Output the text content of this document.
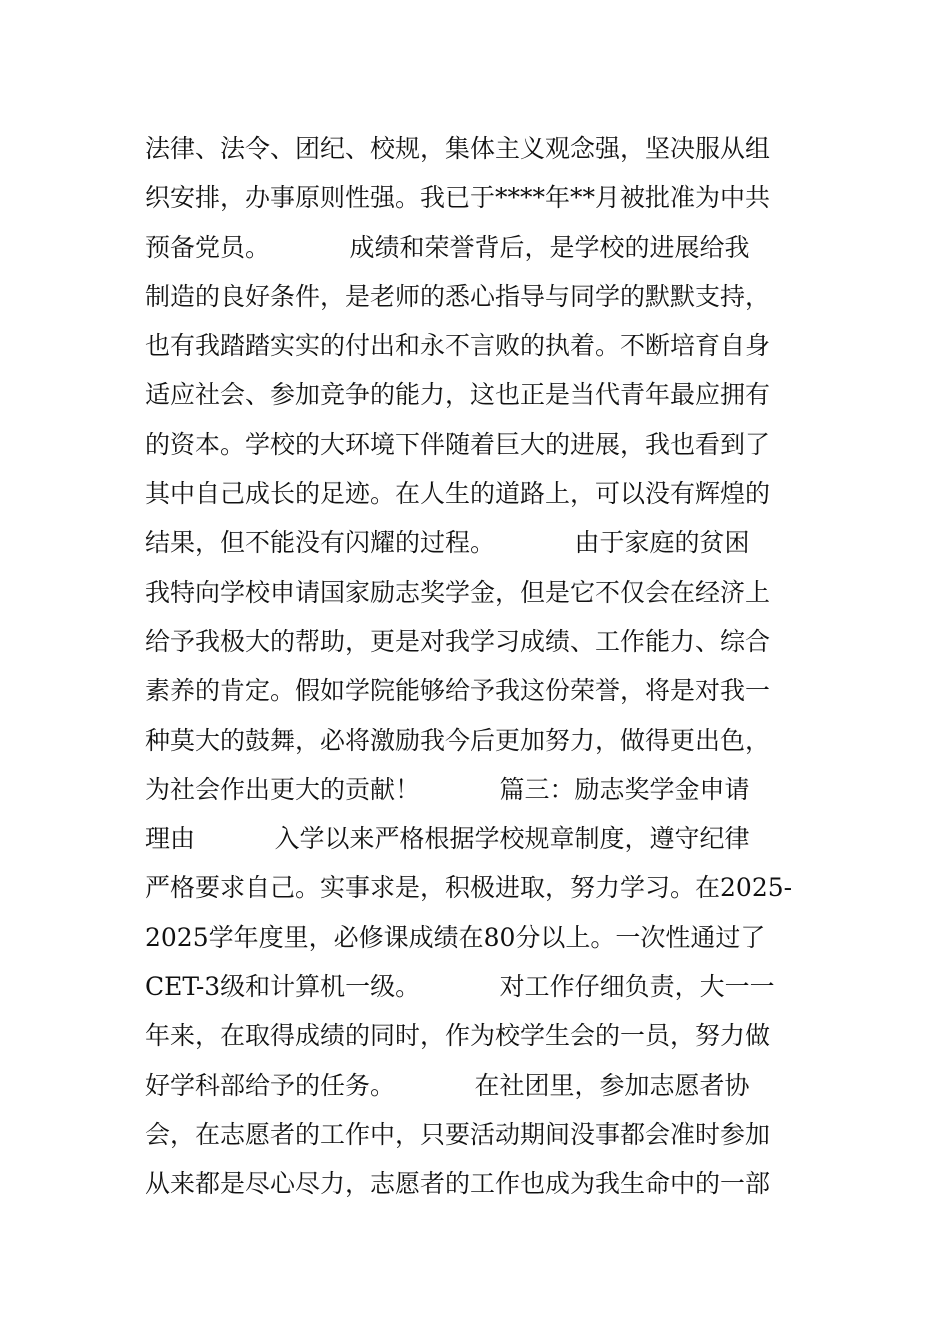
法律、法令、团纪、校规，集体主义观念强，坚决服从组
织安排，办事原则性强。我已于****年**月被批准为中共
预备党员。          成绩和荣誉背后，是学校的进展给我
制造的良好条件，是老师的悉心指导与同学的默默支持，
也有我踏踏实实的付出和永不言败的执着。不断培育自身
适应社会、参加竞争的能力，这也正是当代青年最应拥有
的资本。学校的大环境下伴随着巨大的进展，我也看到了
其中自己成长的足迹。在人生的道路上，可以没有辉煌的
结果，但不能没有闪耀的过程。          由于家庭的贫困
我特向学校申请国家励志奖学金，但是它不仅会在经济上
给予我极大的帮助，更是对我学习成绩、工作能力、综合
素养的肯定。假如学院能够给予我这份荣誉，将是对我一
种莫大的鼓舞，必将激励我今后更加努力，做得更出色，
为社会作出更大的贡献！          篇三：励志奖学金申请
理由          入学以来严格根据学校规章制度，遵守纪律
严格要求自己。实事求是，积极进取，努力学习。在2025-
2025学年度里，必修课成绩在80分以上。一次性通过了
CET-3级和计算机一级。          对工作仔细负责，大一一
年来，在取得成绩的同时，作为校学生会的一员，努力做
好学科部给予的任务。          在社团里，参加志愿者协
会，在志愿者的工作中，只要活动期间没事都会准时参加
从来都是尽心尽力，志愿者的工作也成为我生命中的一部
